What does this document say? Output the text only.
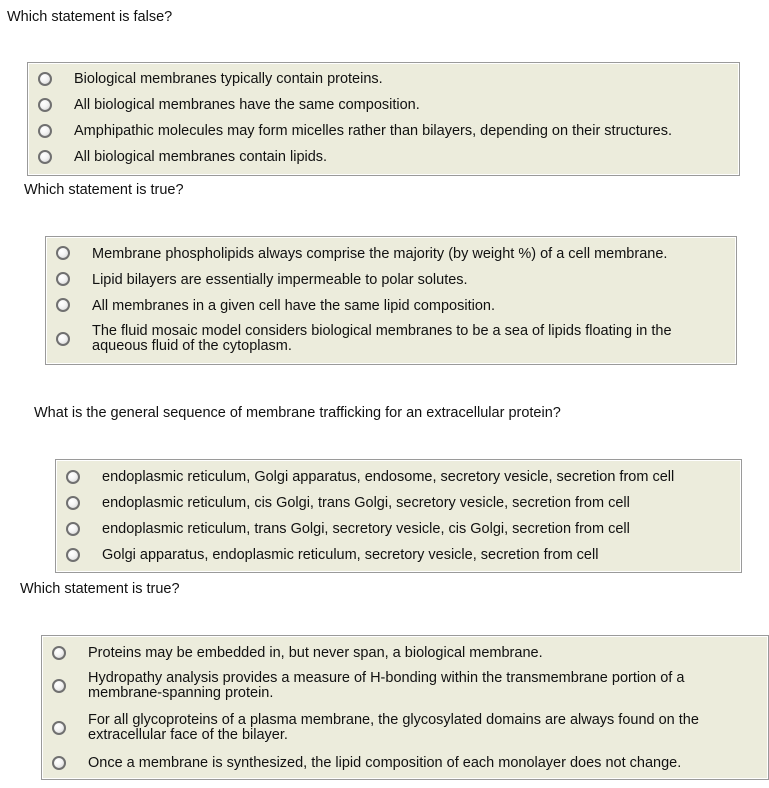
Which statement is false?
Biological membranes typically contain proteins.
All biological membranes have the same composition.
Amphipathic molecules may form micelles rather than bilayers, depending on their structures.
All biological membranes contain lipids.
Which statement is true?
Membrane phospholipids always comprise the majority (by weight %) of a cell membrane.
Lipid bilayers are essentially impermeable to polar solutes.
All membranes in a given cell have the same lipid composition.
The fluid mosaic model considers biological membranes to be a sea of lipids floating in the
aqueous fluid of the cytoplasm.
What is the general sequence of membrane trafficking for an extracellular protein?
endoplasmic reticulum, Golgi apparatus, endosome, secretory vesicle, secretion from cell
endoplasmic reticulum, cis Golgi, trans Golgi, secretory vesicle, secretion from cell
endoplasmic reticulum, trans Golgi, secretory vesicle, cis Golgi, secretion from cell
Golgi apparatus, endoplasmic reticulum, secretory vesicle, secretion from cell
Which statement is true?
Proteins may be embedded in, but never span, a biological membrane.
Hydropathy analysis provides a measure of H-bonding within the transmembrane portion of a
membrane-spanning protein.
For all glycoproteins of a plasma membrane, the glycosylated domains are always found on the
extracellular face of the bilayer.
Once a membrane is synthesized, the lipid composition of each monolayer does not change.
